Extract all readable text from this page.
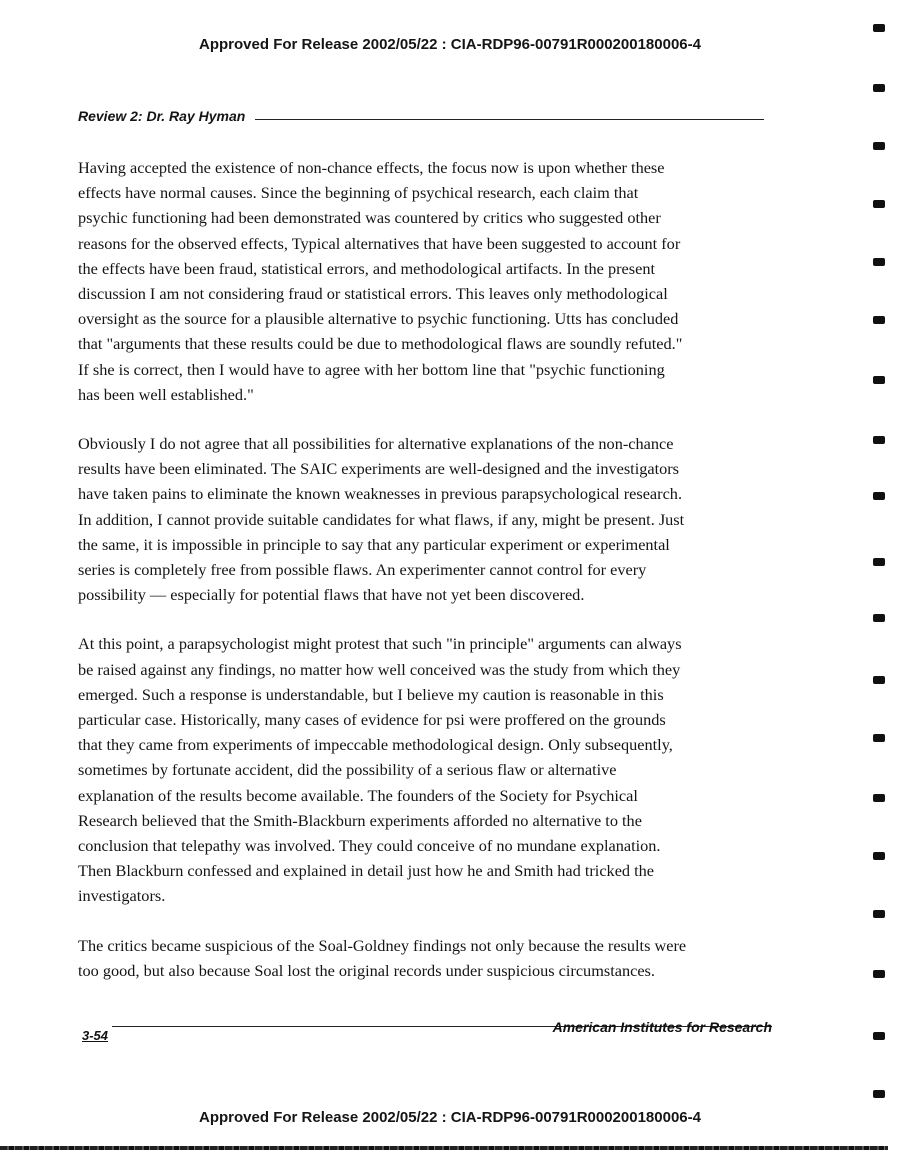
Approved For Release 2002/05/22 : CIA-RDP96-00791R000200180006-4
Review 2: Dr. Ray Hyman

Having accepted the existence of non-chance effects, the focus now is upon whether these
effects have normal causes. Since the beginning of psychical research, each claim that
psychic functioning had been demonstrated was countered by critics who suggested other
reasons for the observed effects, Typical alternatives that have been suggested to account for
the effects have been fraud, statistical errors, and methodological artifacts. In the present
discussion I am not considering fraud or statistical errors. This leaves only methodological
oversight as the source for a plausible alternative to psychic functioning. Utts has concluded
that "arguments that these results could be due to methodological flaws are soundly refuted."
If she is correct, then I would have to agree with her bottom line that "psychic functioning
has been well established."

Obviously I do not agree that all possibilities for alternative explanations of the non-chance
results have been eliminated. The SAIC experiments are well-designed and the investigators
have taken pains to eliminate the known weaknesses in previous parapsychological research.
In addition, I cannot provide suitable candidates for what flaws, if any, might be present. Just
the same, it is impossible in principle to say that any particular experiment or experimental
series is completely free from possible flaws. An experimenter cannot control for every
possibility — especially for potential flaws that have not yet been discovered.

At this point, a parapsychologist might protest that such "in principle" arguments can always
be raised against any findings, no matter how well conceived was the study from which they
emerged. Such a response is understandable, but I believe my caution is reasonable in this
particular case. Historically, many cases of evidence for psi were proffered on the grounds
that they came from experiments of impeccable methodological design. Only subsequently,
sometimes by fortunate accident, did the possibility of a serious flaw or alternative
explanation of the results become available. The founders of the Society for Psychical
Research believed that the Smith-Blackburn experiments afforded no alternative to the
conclusion that telepathy was involved. They could conceive of no mundane explanation.
Then Blackburn confessed and explained in detail just how he and Smith had tricked the
investigators.

The critics became suspicious of the Soal-Goldney findings not only because the results were
too good, but also because Soal lost the original records under suspicious circumstances.

3-54
American Institutes for Research
Approved For Release 2002/05/22 : CIA-RDP96-00791R000200180006-4
